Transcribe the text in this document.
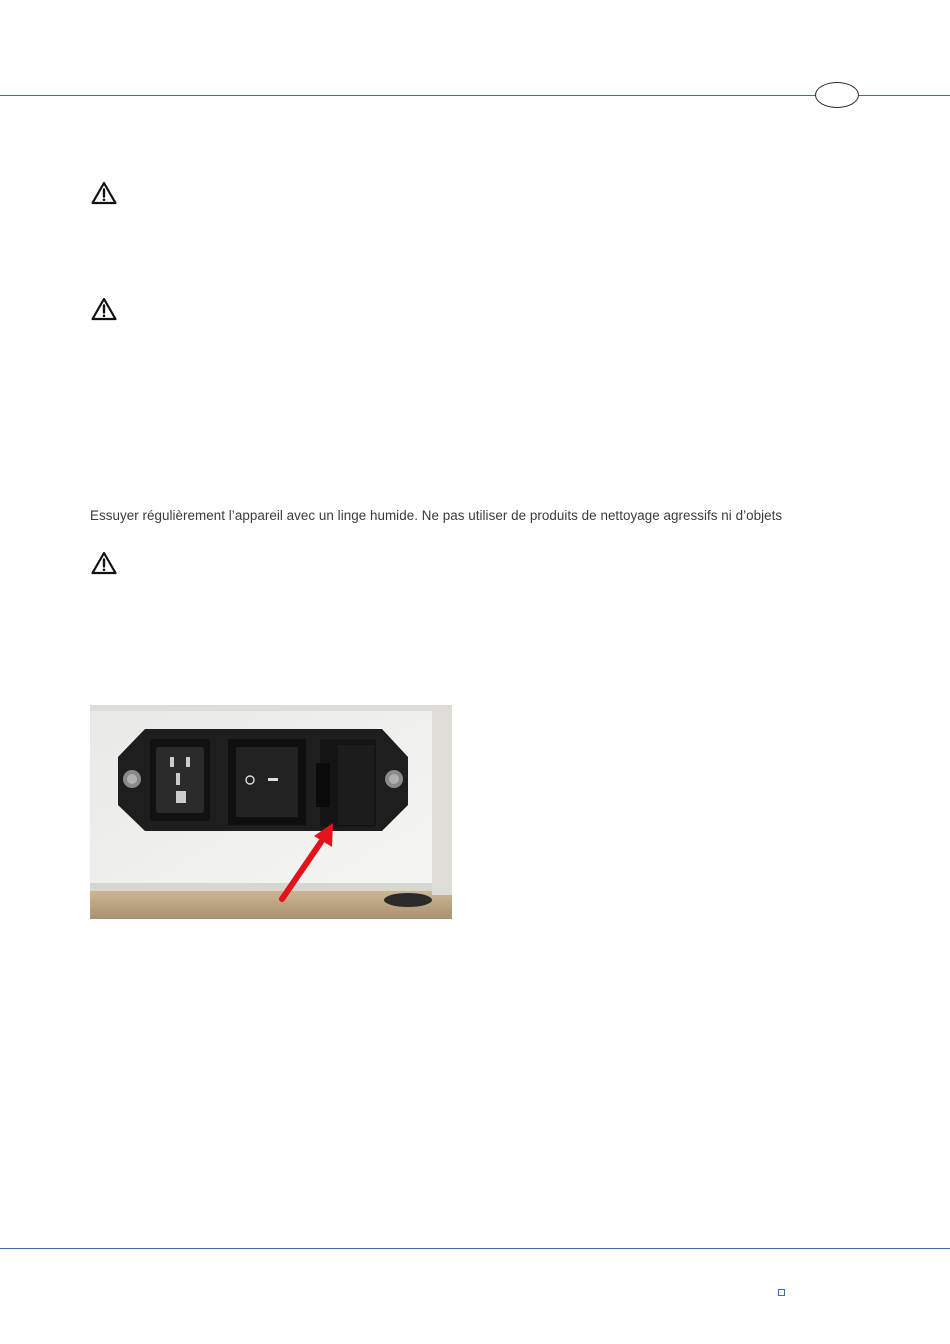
Essuyer régulièrement l’appareil avec un linge humide. Ne pas utiliser de produits de nettoyage agressifs ni d’objets
